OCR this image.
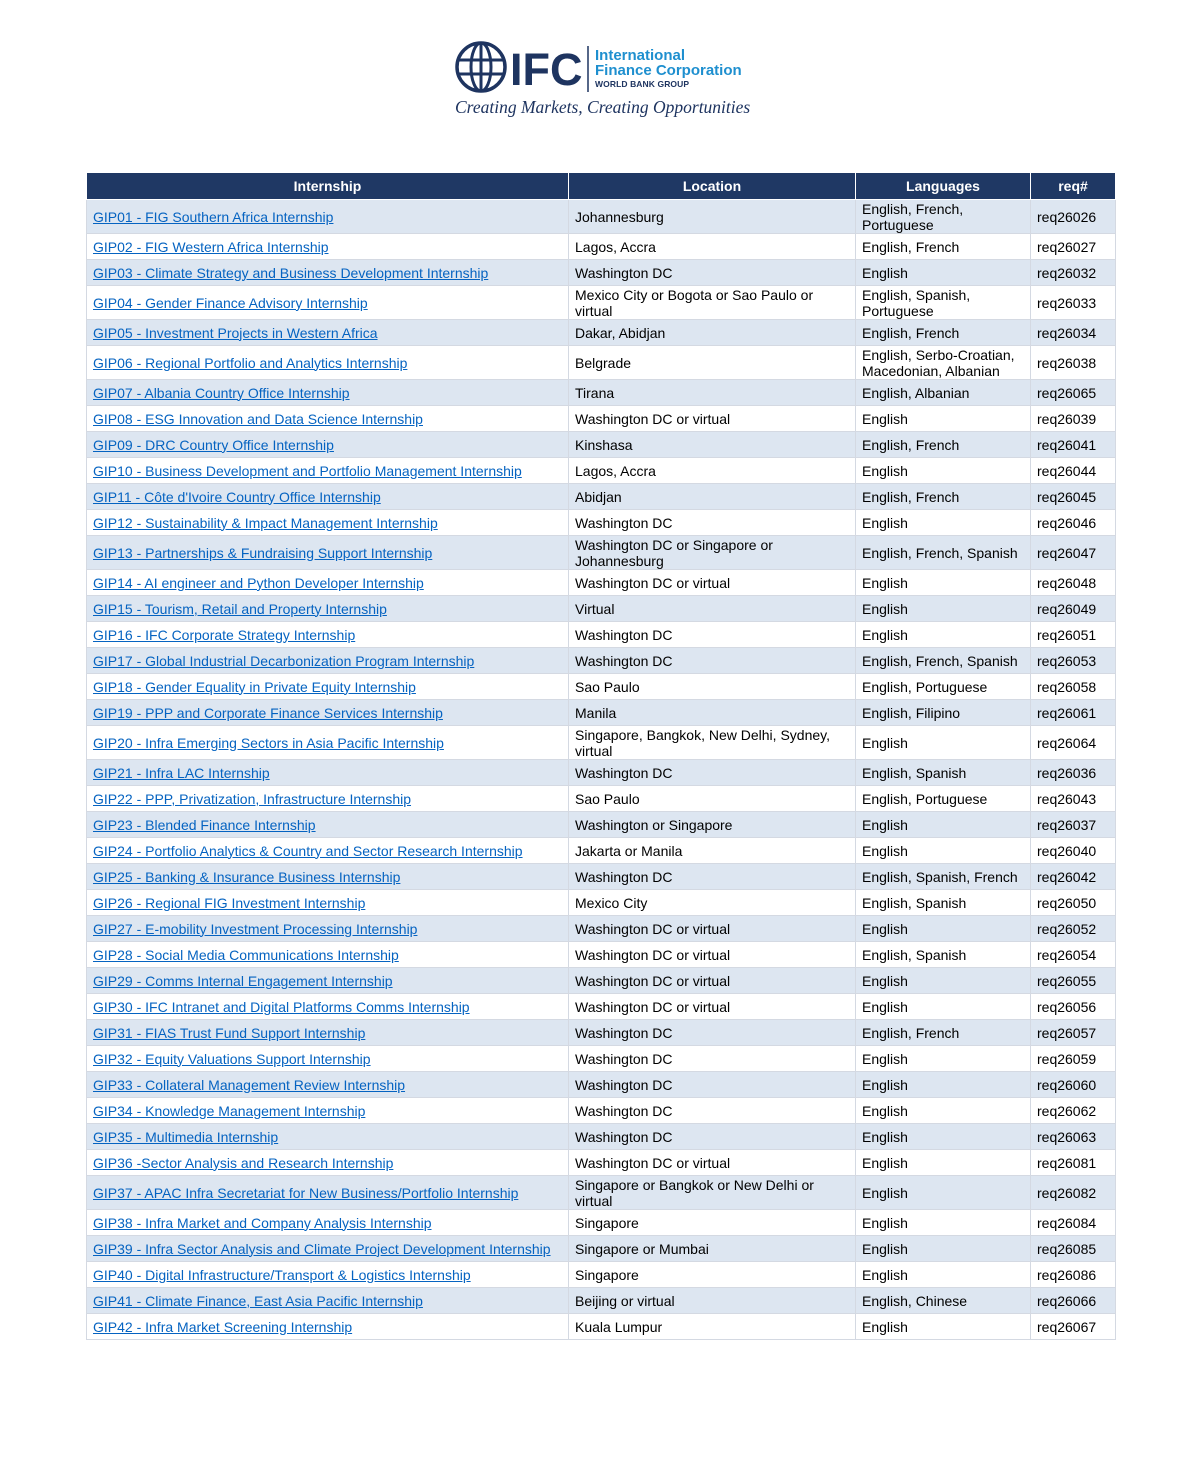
IFC International
Finance Corporation
WORLD BANK GROUP
Creating Markets, Creating Opportunities
Internship	Location	Languages	req#
GIP01 - FIG Southern Africa Internship	Johannesburg	English, French, Portuguese	req26026
GIP02 - FIG Western Africa Internship	Lagos, Accra	English, French	req26027
GIP03 - Climate Strategy and Business Development Internship	Washington DC	English	req26032
GIP04 - Gender Finance Advisory Internship	Mexico City or Bogota or Sao Paulo or virtual	English, Spanish, Portuguese	req26033
GIP05 - Investment Projects in Western Africa	Dakar, Abidjan	English, French	req26034
GIP06 - Regional Portfolio and Analytics Internship	Belgrade	English, Serbo-Croatian, Macedonian, Albanian	req26038
GIP07 - Albania Country Office Internship	Tirana	English, Albanian	req26065
GIP08 - ESG Innovation and Data Science Internship	Washington DC or virtual	English	req26039
GIP09 - DRC Country Office Internship	Kinshasa	English, French	req26041
GIP10 - Business Development and Portfolio Management Internship	Lagos, Accra	English	req26044
GIP11 - Côte d'Ivoire Country Office Internship	Abidjan	English, French	req26045
GIP12 - Sustainability & Impact Management Internship	Washington DC	English	req26046
GIP13 - Partnerships & Fundraising Support Internship	Washington DC or Singapore or Johannesburg	English, French, Spanish	req26047
GIP14 - AI engineer and Python Developer Internship	Washington DC or virtual	English	req26048
GIP15 - Tourism, Retail and Property Internship	Virtual	English	req26049
GIP16 - IFC Corporate Strategy Internship	Washington DC	English	req26051
GIP17 - Global Industrial Decarbonization Program Internship	Washington DC	English, French, Spanish	req26053
GIP18 - Gender Equality in Private Equity Internship	Sao Paulo	English, Portuguese	req26058
GIP19 - PPP and Corporate Finance Services Internship	Manila	English, Filipino	req26061
GIP20 - Infra Emerging Sectors in Asia Pacific Internship	Singapore, Bangkok, New Delhi, Sydney, virtual	English	req26064
GIP21 - Infra LAC Internship	Washington DC	English, Spanish	req26036
GIP22 - PPP, Privatization, Infrastructure Internship	Sao Paulo	English, Portuguese	req26043
GIP23 - Blended Finance Internship	Washington or Singapore	English	req26037
GIP24 - Portfolio Analytics & Country and Sector Research Internship	Jakarta or Manila	English	req26040
GIP25 - Banking & Insurance Business Internship	Washington DC	English, Spanish, French	req26042
GIP26 - Regional FIG Investment Internship	Mexico City	English, Spanish	req26050
GIP27 - E-mobility Investment Processing Internship	Washington DC or virtual	English	req26052
GIP28 - Social Media Communications Internship	Washington DC or virtual	English, Spanish	req26054
GIP29 - Comms Internal Engagement Internship	Washington DC or virtual	English	req26055
GIP30 - IFC Intranet and Digital Platforms Comms Internship	Washington DC or virtual	English	req26056
GIP31 - FIAS Trust Fund Support Internship	Washington DC	English, French	req26057
GIP32 - Equity Valuations Support Internship	Washington DC	English	req26059
GIP33 - Collateral Management Review Internship	Washington DC	English	req26060
GIP34 - Knowledge Management Internship	Washington DC	English	req26062
GIP35 - Multimedia Internship	Washington DC	English	req26063
GIP36 -Sector Analysis and Research Internship	Washington DC or virtual	English	req26081
GIP37 - APAC Infra Secretariat for New Business/Portfolio Internship	Singapore or Bangkok or New Delhi or virtual	English	req26082
GIP38 - Infra Market and Company Analysis Internship	Singapore	English	req26084
GIP39 - Infra Sector Analysis and Climate Project Development Internship	Singapore or Mumbai	English	req26085
GIP40 - Digital Infrastructure/Transport & Logistics Internship	Singapore	English	req26086
GIP41 - Climate Finance, East Asia Pacific Internship	Beijing or virtual	English, Chinese	req26066
GIP42 - Infra Market Screening Internship	Kuala Lumpur	English	req26067
